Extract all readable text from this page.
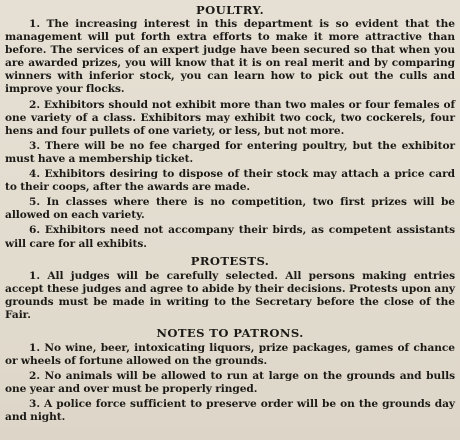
POULTRY.

1. The increasing interest in this department is so evident that the management will put forth extra efforts to make it more attractive than before. The services of an expert judge have been secured so that when you are awarded prizes, you will know that it is on real merit and by comparing winners with inferior stock, you can learn how to pick out the culls and improve your flocks.

2. Exhibitors should not exhibit more than two males or four females of one variety of a class. Exhibitors may exhibit two cock, two cockerels, four hens and four pullets of one variety, or less, but not more.

3. There will be no fee charged for entering poultry, but the exhibitor must have a membership ticket.

4. Exhibitors desiring to dispose of their stock may attach a price card to their coops, after the awards are made.

5. In classes where there is no competition, two first prizes will be allowed on each variety.

6. Exhibitors need not accompany their birds, as competent assistants will care for all exhibits.

PROTESTS.

1. All judges will be carefully selected. All persons making entries accept these judges and agree to abide by their decisions. Protests upon any grounds must be made in writing to the Secretary before the close of the Fair.

NOTES TO PATRONS.

1. No wine, beer, intoxicating liquors, prize packages, games of chance or wheels of fortune allowed on the grounds.

2. No animals will be allowed to run at large on the grounds and bulls one year and over must be properly ringed.

3. A police force sufficient to preserve order will be on the grounds day and night.
